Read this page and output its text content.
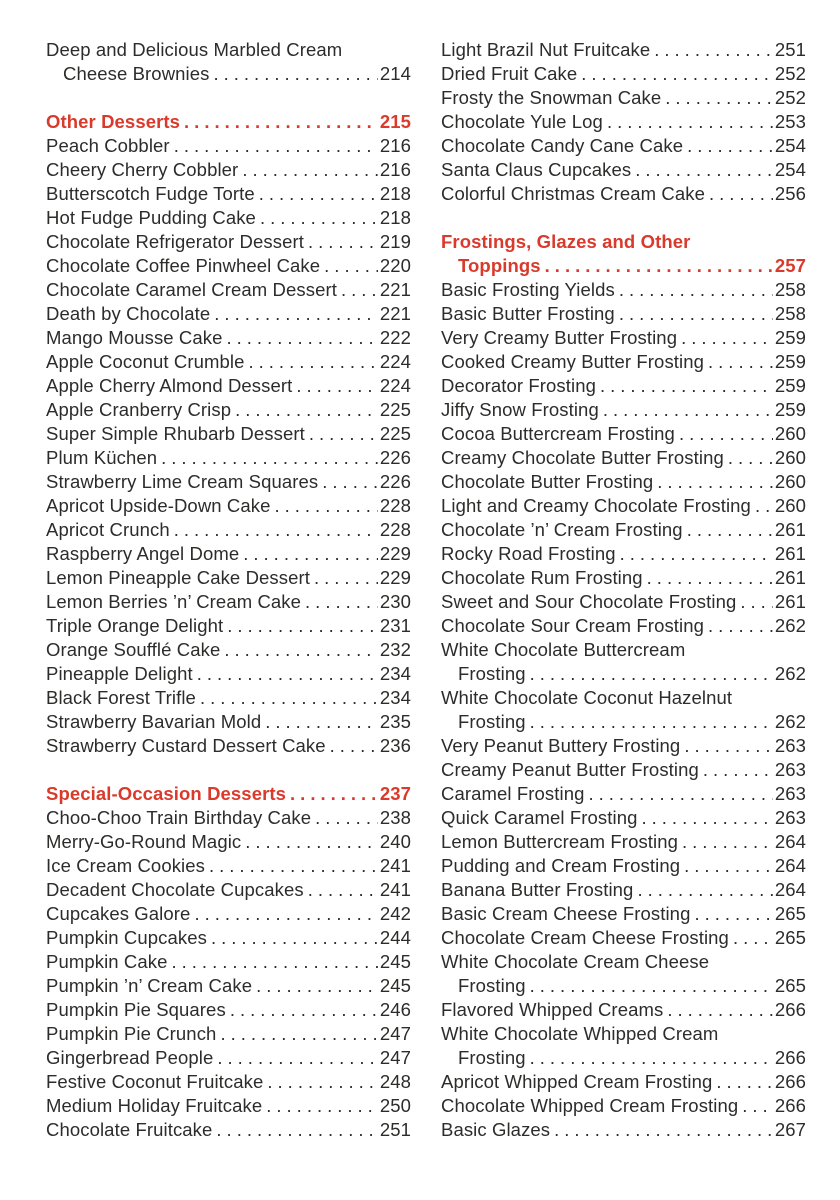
Deep and Delicious Marbled Cream
Cheese Brownies .....	214
Other Desserts .....	215
Peach Cobbler .....	216
Cheery Cherry Cobbler .....	216
Butterscotch Fudge Torte .....	218
Hot Fudge Pudding Cake .....	218
Chocolate Refrigerator Dessert .....	219
Chocolate Coffee Pinwheel Cake .....	220
Chocolate Caramel Cream Dessert ..... 221
Death by Chocolate .....	221
Mango Mousse Cake .....	222
Apple Coconut Crumble .....	224
Apple Cherry Almond Dessert .....	224
Apple Cranberry Crisp .....	225
Super Simple Rhubarb Dessert .....	225
Plum Küchen .....	226
Strawberry Lime Cream Squares .....	226
Apricot Upside-Down Cake .....	228
Apricot Crunch .....	228
Raspberry Angel Dome .....	229
Lemon Pineapple Cake Dessert .....	229
Lemon Berries ’n’ Cream Cake .....	230
Triple Orange Delight .....	231
Orange Soufflé Cake .....	232
Pineapple Delight .....	234
Black Forest Trifle .....	234
Strawberry Bavarian Mold .....	235
Strawberry Custard Dessert Cake .....	236
Special-Occasion Desserts .....	237
Choo-Choo Train Birthday Cake .....	238
Merry-Go-Round Magic .....	240
Ice Cream Cookies .....	241
Decadent Chocolate Cupcakes .....	241
Cupcakes Galore .....	242
Pumpkin Cupcakes .....	244
Pumpkin Cake .....	245
Pumpkin ’n’ Cream Cake .....	245
Pumpkin Pie Squares .....	246
Pumpkin Pie Crunch .....	247
Gingerbread People .....	247
Festive Coconut Fruitcake .....	248
Medium Holiday Fruitcake .....	250
Chocolate Fruitcake .....	251
Light Brazil Nut Fruitcake .....	251
Dried Fruit Cake .....	252
Frosty the Snowman Cake .....	252
Chocolate Yule Log .....	253
Chocolate Candy Cane Cake .....	254
Santa Claus Cupcakes .....	254
Colorful Christmas Cream Cake .....	256
Frostings, Glazes and Other
Toppings .....	257
Basic Frosting Yields .....	258
Basic Butter Frosting .....	258
Very Creamy Butter Frosting .....	259
Cooked Creamy Butter Frosting .....	259
Decorator Frosting .....	259
Jiffy Snow Frosting .....	259
Cocoa Buttercream Frosting .....	260
Creamy Chocolate Butter Frosting .....	260
Chocolate Butter Frosting .....	260
Light and Creamy Chocolate Frosting ..... 260
Chocolate ’n’ Cream Frosting .....	261
Rocky Road Frosting .....	261
Chocolate Rum Frosting .....	261
Sweet and Sour Chocolate Frosting ..... 261
Chocolate Sour Cream Frosting .....	262
White Chocolate Buttercream
Frosting .....	262
White Chocolate Coconut Hazelnut
Frosting .....	262
Very Peanut Buttery Frosting .....	263
Creamy Peanut Butter Frosting .....	263
Caramel Frosting .....	263
Quick Caramel Frosting .....	263
Lemon Buttercream Frosting .....	264
Pudding and Cream Frosting .....	264
Banana Butter Frosting .....	264
Basic Cream Cheese Frosting .....	265
Chocolate Cream Cheese Frosting ..... 265
White Chocolate Cream Cheese
Frosting .....	265
Flavored Whipped Creams .....	266
White Chocolate Whipped Cream
Frosting .....	266
Apricot Whipped Cream Frosting .....	266
Chocolate Whipped Cream Frosting ..... 266
Basic Glazes .....	267
